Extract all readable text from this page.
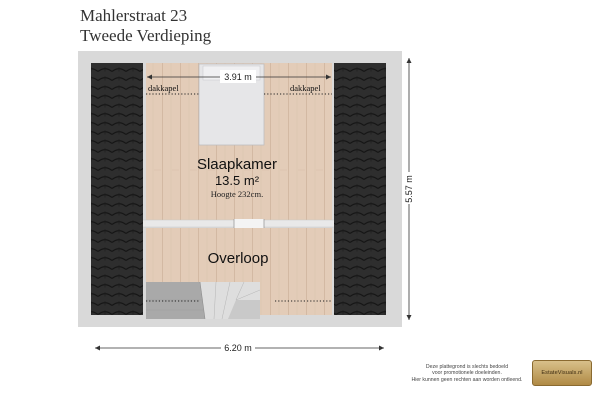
Mahlerstraat 23
Tweede Verdieping
3.91 m
dakkapel	dakkapel
Slaapkamer
13.5 m²
Hoogte 232cm.
Overloop
5.57 m
6.20 m
Deze plattegrond is slechts bedoeld
voor promotionele doeleinden.
Hier kunnen geen rechten aan worden ontleend.
EstateVisuals.nl
